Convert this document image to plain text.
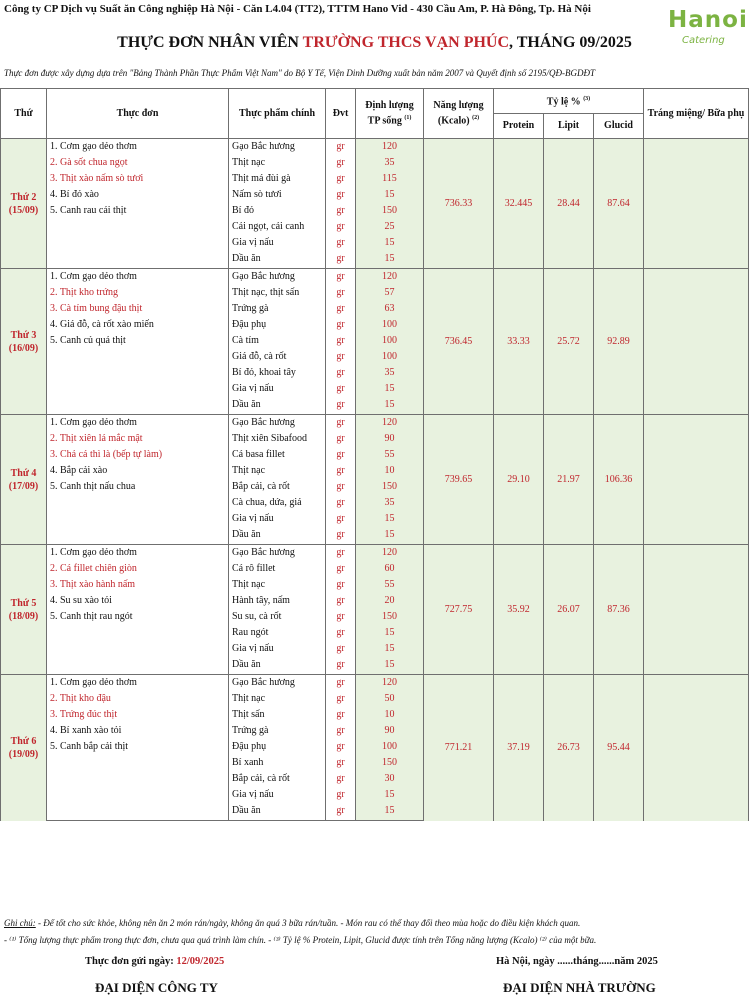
Công ty CP Dịch vụ Suất ăn Công nghiệp Hà Nội - Căn L4.04 (TT2), TTTM Hano Vid - 430 Cầu Am, P. Hà Đông, Tp. Hà Nội	Hanoi
Catering
THỰC ĐƠN NHÂN VIÊN TRƯỜNG THCS VẠN PHÚC, THÁNG 09/2025
Thực đơn được xây dựng dựa trên "Bảng Thành Phần Thực Phẩm Việt Nam" do Bộ Y Tế, Viện Dinh Dưỡng xuất bản năm 2007 và Quyết định số 2195/QĐ-BGDĐT
Thứ	Thực đơn	Thực phẩm chính	Đvt	Định lượng TP sống $^{(1)}$	Năng lượng (Kcalo) $^{(2)}$	Tỷ lệ % $^{(3)}$			Tráng miệng/ Bữa phụ
						Protein	Lipit	Glucid	
Thứ 2
(15/09)	1. Cơm gạo dẻo thơm	Gạo Bắc hương	gr	120	736.33	32.445	28.44	87.64	
	2. Gà sốt chua ngọt	Thịt nạc	gr	35					
	3. Thịt xào nấm sò tươi	Thịt má đùi gà	gr	115					
	4. Bí đỏ xào	Nấm sò tươi	gr	15					
	5. Canh rau cải thịt	Bí đỏ	gr	150					
		Cải ngọt, cải canh	gr	25					
		Gia vị nấu	gr	15					
		Dầu ăn	gr	15					
Thứ 3
(16/09)	1. Cơm gạo dẻo thơm	Gạo Bắc hương	gr	120	736.45	33.33	25.72	92.89	
	2. Thịt kho trứng	Thịt nạc, thịt sấn	gr	57					
	3. Cà tím bung đậu thịt	Trứng gà	gr	63					
	4. Giá đỗ, cà rốt xào miến	Đậu phụ	gr	100					
	5. Canh củ quả thịt	Cà tím	gr	100					
		Giá đỗ, cà rốt	gr	100					
		Bí đỏ, khoai tây	gr	35					
		Gia vị nấu	gr	15					
		Dầu ăn	gr	15					
Thứ 4
(17/09)	1. Cơm gạo dẻo thơm	Gạo Bắc hương	gr	120	739.65	29.10	21.97	106.36	
	2. Thịt xiên lá mắc mật	Thịt xiên Sibafood	gr	90					
	3. Chả cá thì là (bếp tự làm)	Cá basa fillet	gr	55					
	4. Bắp cải xào	Thịt nạc	gr	10					
	5. Canh thịt nấu chua	Bắp cải, cà rốt	gr	150					
		Cà chua, dứa, giá	gr	35					
		Gia vị nấu	gr	15					
		Dầu ăn	gr	15					
Thứ 5
(18/09)	1. Cơm gạo dẻo thơm	Gạo Bắc hương	gr	120	727.75	35.92	26.07	87.36	
	2. Cá fillet chiên giòn	Cá rô fillet	gr	60					
	3. Thịt xào hành nấm	Thịt nạc	gr	55					
	4. Su su xào tỏi	Hành tây, nấm	gr	20					
	5. Canh thịt rau ngót	Su su, cà rốt	gr	150					
		Rau ngót	gr	15					
		Gia vị nấu	gr	15					
		Dầu ăn	gr	15					
Thứ 6
(19/09)	1. Cơm gạo dẻo thơm	Gạo Bắc hương	gr	120	771.21	37.19	26.73	95.44	
	2. Thịt kho đậu	Thịt nạc	gr	50					
	3. Trứng đúc thịt	Thịt sấn	gr	10					
	4. Bí xanh xào tỏi	Trứng gà	gr	90					
	5. Canh bắp cải thịt	Đậu phụ	gr	100					
		Bí xanh	gr	150					
		Bắp cải, cà rốt	gr	30					
		Gia vị nấu	gr	15					
		Dầu ăn	gr	15					
Ghi chú: - Để tốt cho sức khỏe, không nên ăn 2 món rán/ngày, không ăn quá 3 bữa rán/tuần. - Món rau có thể thay đổi theo mùa hoặc do điều kiện khách quan.
- ⁽¹⁾ Tổng lượng thực phẩm trong thực đơn, chưa qua quá trình làm chín. - ⁽³⁾ Tỷ lệ % Protein, Lipit, Glucid được tính trên Tổng năng lượng (Kcalo) ⁽²⁾ của một bữa.
Thực đơn gửi ngày: 12/09/2025	Hà Nội, ngày ......tháng......năm 2025
ĐẠI DIỆN CÔNG TY	ĐẠI DIỆN NHÀ TRƯỜNG
